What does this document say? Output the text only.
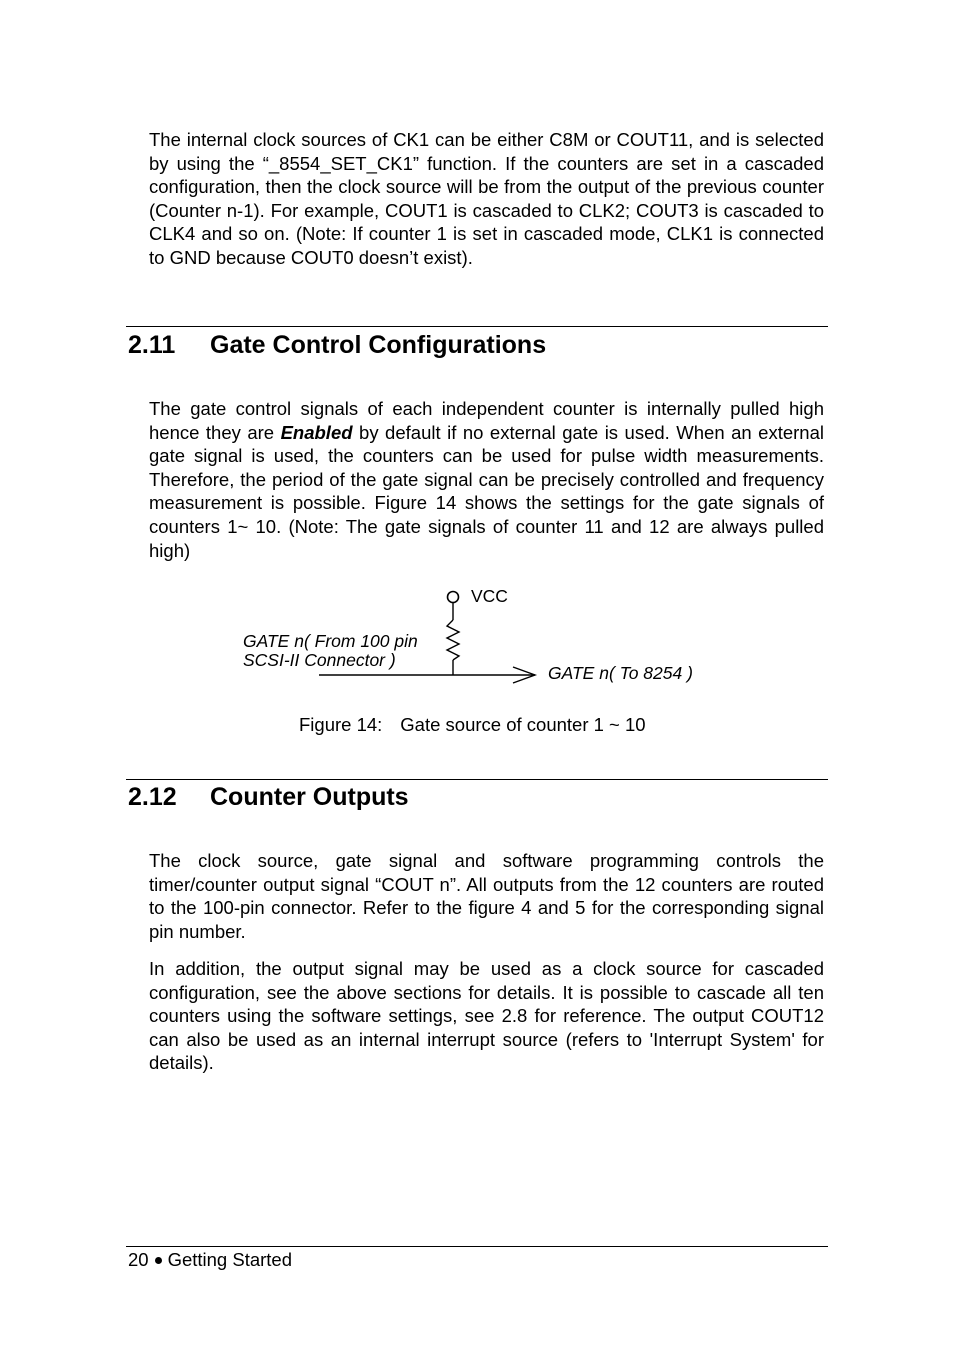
The internal clock sources of CK1 can be either C8M or COUT11, and is selected by using the “_8554_SET_CK1” function. If the counters are set in a cascaded configuration, then the clock source will be from the output of the previous counter (Counter n-1). For example, COUT1 is cascaded to CLK2; COUT3 is cascaded to CLK4 and so on. (Note: If counter 1 is set in cascaded mode, CLK1 is connected to GND because COUT0 doesn’t exist).

2.11 Gate Control Configurations

The gate control signals of each independent counter is internally pulled high hence they are Enabled by default if no external gate is used. When an external gate signal is used, the counters can be used for pulse width measurements. Therefore, the period of the gate signal can be precisely controlled and frequency measurement is possible. Figure 14 shows the settings for the gate signals of counters 1~ 10. (Note: The gate signals of counter 11 and 12 are always pulled high)

VCC
GATE n( From 100 pin
SCSI-II Connector )
GATE n( To 8254 )
Figure 14: Gate source of counter 1 ~ 10
2.12 Counter Outputs

The clock source, gate signal and software programming controls the timer/counter output signal “COUT n”. All outputs from the 12 counters are routed to the 100-pin connector. Refer to the figure 4 and 5 for the corresponding signal pin number.

In addition, the output signal may be used as a clock source for cascaded configuration, see the above sections for details. It is possible to cascade all ten counters using the software settings, see 2.8 for reference. The output COUT12 can also be used as an internal interrupt source (refers to 'Interrupt System' for details).

20 Getting Started
